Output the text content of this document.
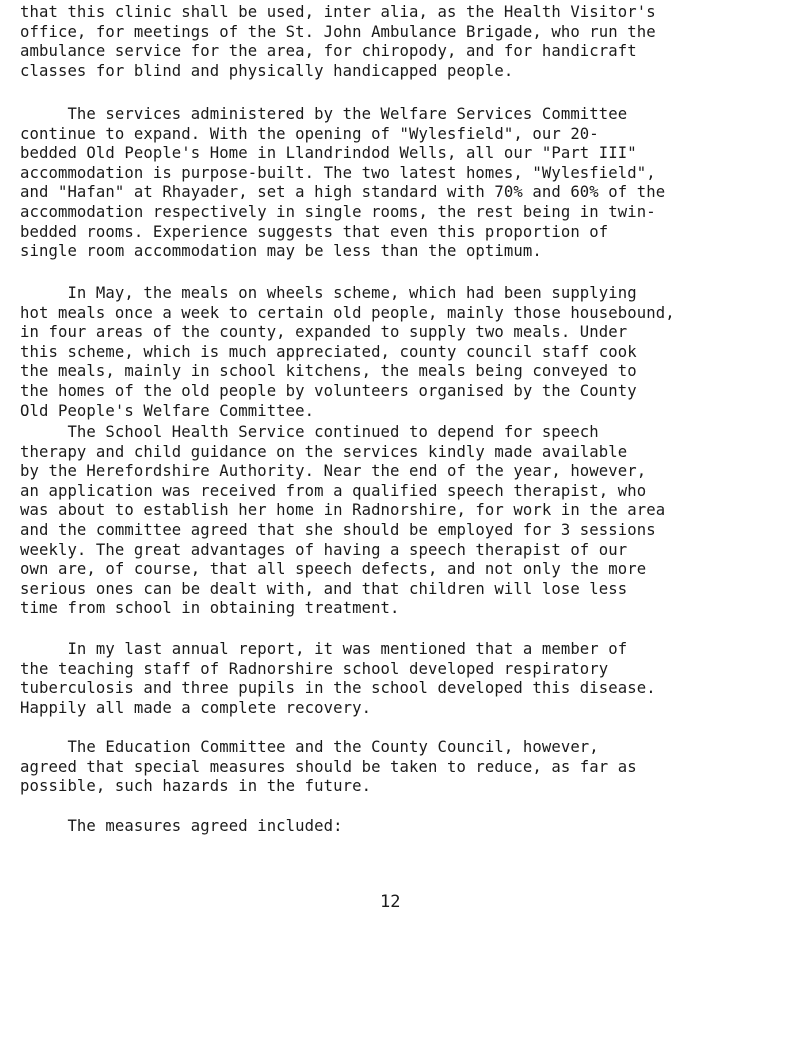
that this clinic shall be used, inter alia, as the Health Visitor's
office, for meetings of the St. John Ambulance Brigade, who run the
ambulance service for the area, for chiropody, and for handicraft
classes for blind and physically handicapped people.

The services administered by the Welfare Services Committee
continue to expand. With the opening of "Wylesfield", our 20-
bedded Old People's Home in Llandrindod Wells, all our "Part III"
accommodation is purpose-built. The two latest homes, "Wylesfield",
and "Hafan" at Rhayader, set a high standard with 70% and 60% of the
accommodation respectively in single rooms, the rest being in twin-
bedded rooms. Experience suggests that even this proportion of
single room accommodation may be less than the optimum.

In May, the meals on wheels scheme, which had been supplying
hot meals once a week to certain old people, mainly those housebound,
in four areas of the county, expanded to supply two meals. Under
this scheme, which is much appreciated, county council staff cook
the meals, mainly in school kitchens, the meals being conveyed to
the homes of the old people by volunteers organised by the County
Old People's Welfare Committee.

The School Health Service continued to depend for speech
therapy and child guidance on the services kindly made available
by the Herefordshire Authority. Near the end of the year, however,
an application was received from a qualified speech therapist, who
was about to establish her home in Radnorshire, for work in the area
and the committee agreed that she should be employed for 3 sessions
weekly. The great advantages of having a speech therapist of our
own are, of course, that all speech defects, and not only the more
serious ones can be dealt with, and that children will lose less
time from school in obtaining treatment.

In my last annual report, it was mentioned that a member of
the teaching staff of Radnorshire school developed respiratory
tuberculosis and three pupils in the school developed this disease.
Happily all made a complete recovery.

The Education Committee and the County Council, however,
agreed that special measures should be taken to reduce, as far as
possible, such hazards in the future.

The measures agreed included:

12
